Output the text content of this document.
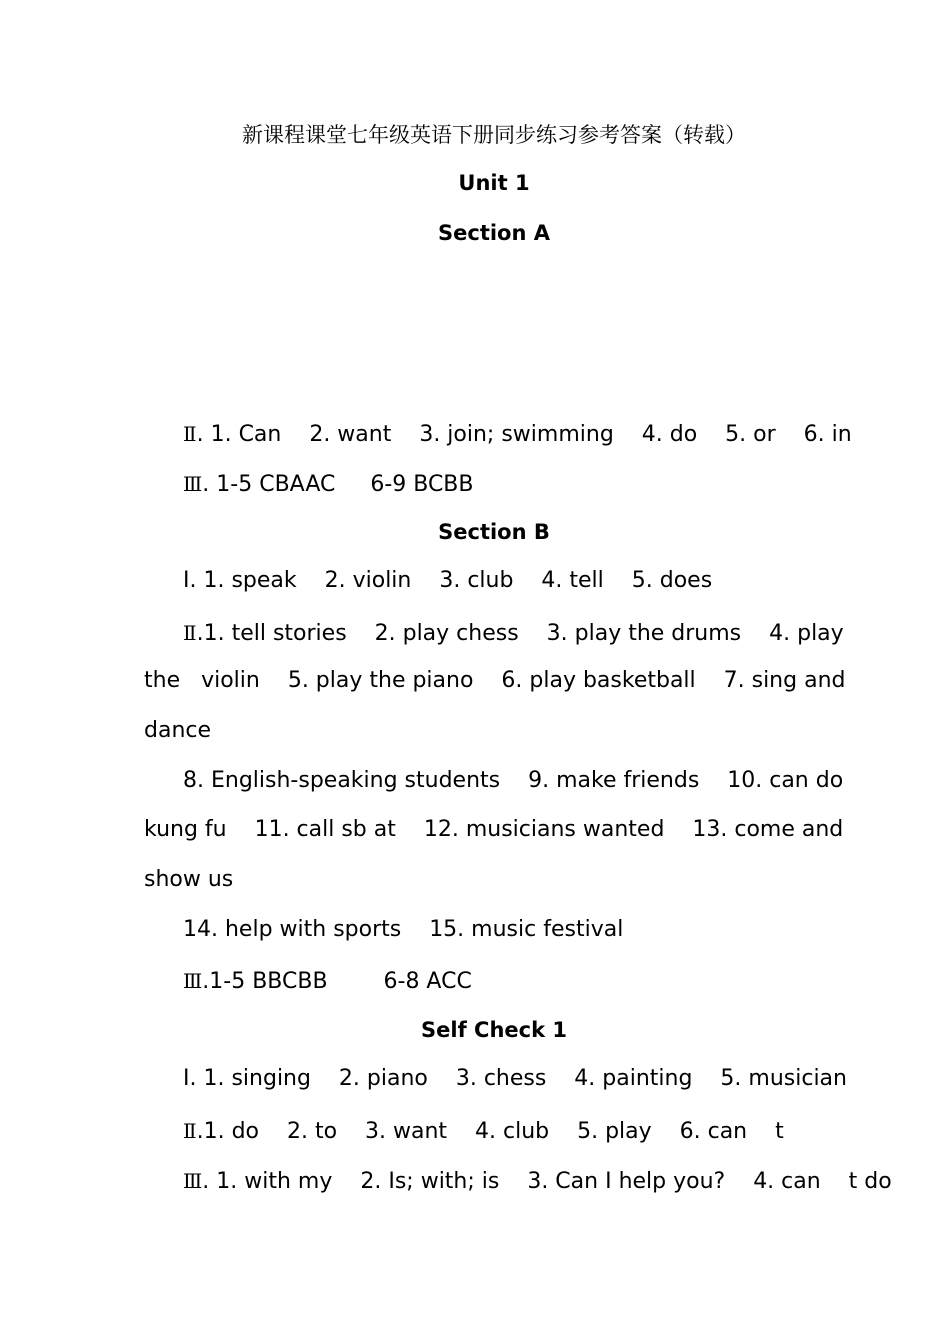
新课程课堂七年级英语下册同步练习参考答案（转载）
Unit 1
Section A
Ⅱ. 1. Can    2. want    3. join; swimming    4. do    5. or    6. in
Ⅲ. 1-5 CBAAC     6-9 BCBB
Section B
I. 1. speak    2. violin    3. club    4. tell    5. does
Ⅱ.1. tell stories    2. play chess    3. play the drums    4. play
the   violin    5. play the piano    6. play basketball    7. sing and
dance
8. English-speaking students    9. make friends    10. can do
kung fu    11. call sb at    12. musicians wanted    13. come and
show us
14. help with sports    15. music festival
Ⅲ.1-5 BBCBB        6-8 ACC
Self Check 1
I. 1. singing    2. piano    3. chess    4. painting    5. musician
Ⅱ.1. do    2. to    3. want    4. club    5. play    6. can    t
Ⅲ. 1. with my    2. Is; with; is    3. Can I help you?    4. can    t do
